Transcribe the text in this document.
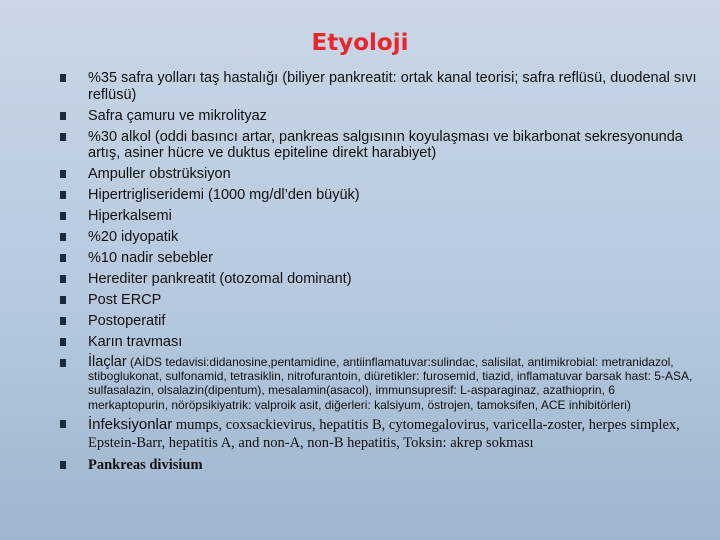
Etyoloji
%35 safra yolları taş hastalığı (biliyer pankreatit: ortak kanal teorisi; safra reflüsü, duodenal sıvı reflüsü)
Safra çamuru ve mikrolityaz
%30 alkol (oddi basıncı artar, pankreas salgısının koyulaşması ve bikarbonat sekresyonunda artış, asiner hücre ve duktus epiteline direkt harabiyet)
Ampuller obstrüksiyon
Hipertrigliseridemi (1000 mg/dl’den büyük)
Hiperkalsemi
%20 idyopatik
%10 nadir sebebler
Herediter pankreatit (otozomal dominant)
Post ERCP
Postoperatif
Karın travması
İlaçlar (AİDS tedavisi:didanosine,pentamidine, antiinflamatuvar:sulindac, salisilat, antimikrobial: metranidazol, stiboglukonat, sulfonamid, tetrasiklin, nitrofurantoin, diüretikler: furosemid, tiazid, inflamatuvar barsak hast: 5-ASA, sulfasalazin, olsalazin(dipentum), mesalamin(asacol), immunsupresif: L-asparaginaz, azathioprin, 6 merkaptopurin, nöröpsikiyatrik: valproik asit, diğerleri: kalsiyum, östrojen, tamoksifen, ACE inhibitörleri)
İnfeksiyonlar mumps, coxsackievirus, hepatitis B, cytomegalovirus, varicella-zoster, herpes simplex, Epstein-Barr, hepatitis A, and non-A, non-B hepatitis, Toksin: akrep sokması
Pankreas divisium
